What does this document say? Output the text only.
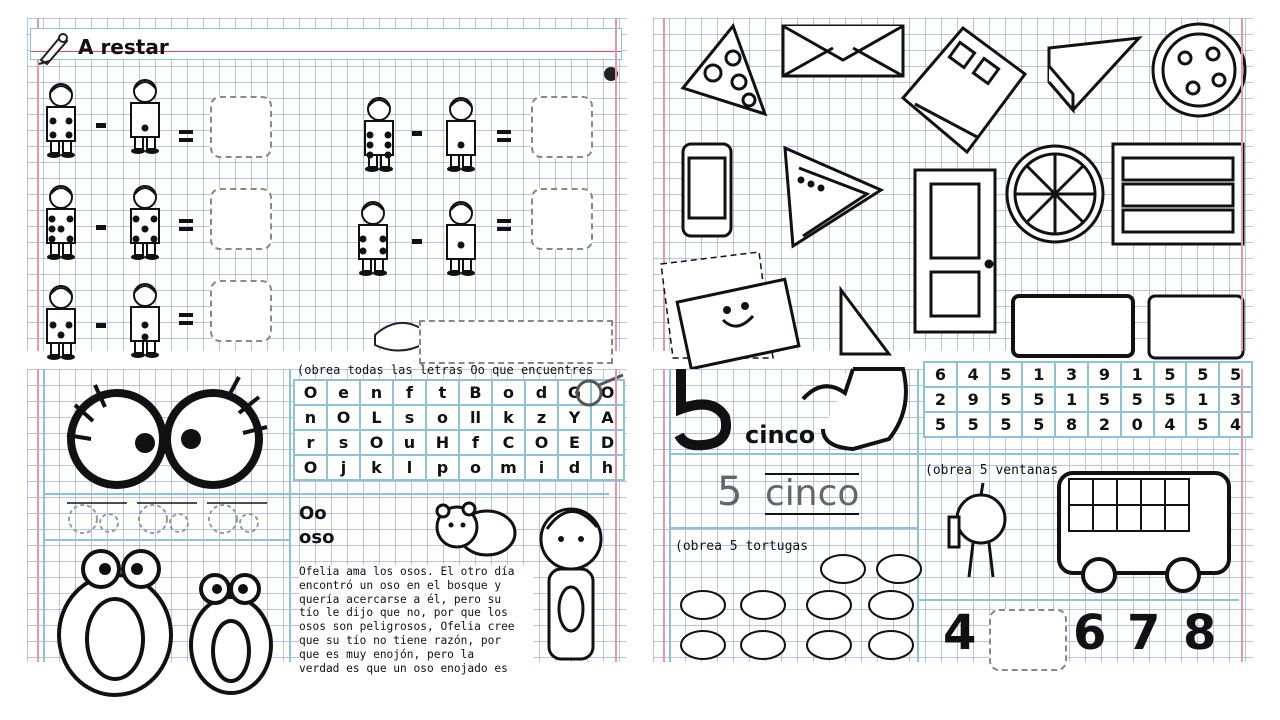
A restar
(obrea todas las letras Oo que encuentres
O	e	n	f	t	B	o	d	G	O
n	O	L	s	o	ll	k	z	Y	A
r	s	O	u	H	f	C	O	E	D
O	j	k	l	p	o	m	i	d	h
Oo
oso
Ofelia ama los osos. El otro día
encontró un oso en el bosque y
quería acercarse a él, pero su
tío le dijo que no, por que los
osos son peligrosos, Ofelia cree
que su tío no tiene razón, por
que es muy enojón, pero la
verdad es que un oso enojado es
cinco
5 cinco
6	4	5	1	3	9	1	5	5	5
2	9	5	5	1	5	5	5	1	3
5	5	5	5	8	2	0	4	5	4
(obrea 5 ventanas
(obrea 5 tortugas
4 6 7 8
